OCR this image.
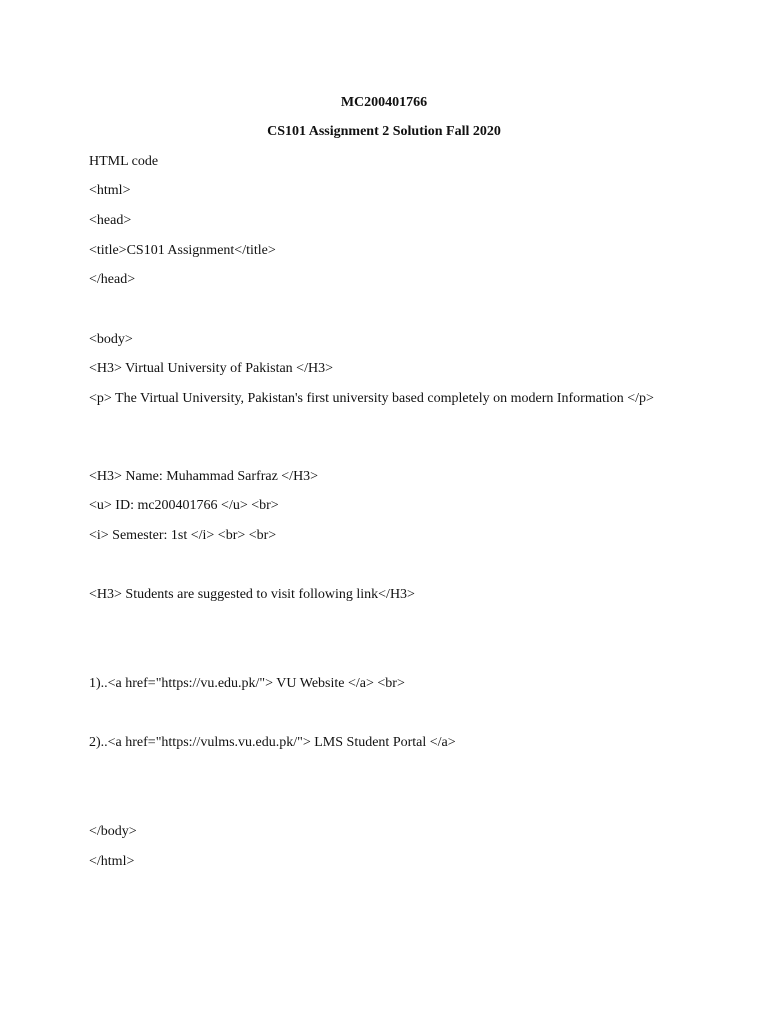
MC200401766
CS101 Assignment 2 Solution Fall 2020
HTML code
<html>
<head>
<title>CS101 Assignment</title>
</head>
<body>
<H3> Virtual University of Pakistan </H3>
<p> The Virtual University, Pakistan's first university based completely on modern Information </p>
<H3> Name: Muhammad Sarfraz </H3>
<u> ID: mc200401766 </u> <br>
<i> Semester: 1st </i> <br> <br>
<H3> Students are suggested to visit following link</H3>
1)..<a href="https://vu.edu.pk/"> VU Website </a> <br>
2)..<a href="https://vulms.vu.edu.pk/"> LMS Student Portal </a>
</body>
</html>
